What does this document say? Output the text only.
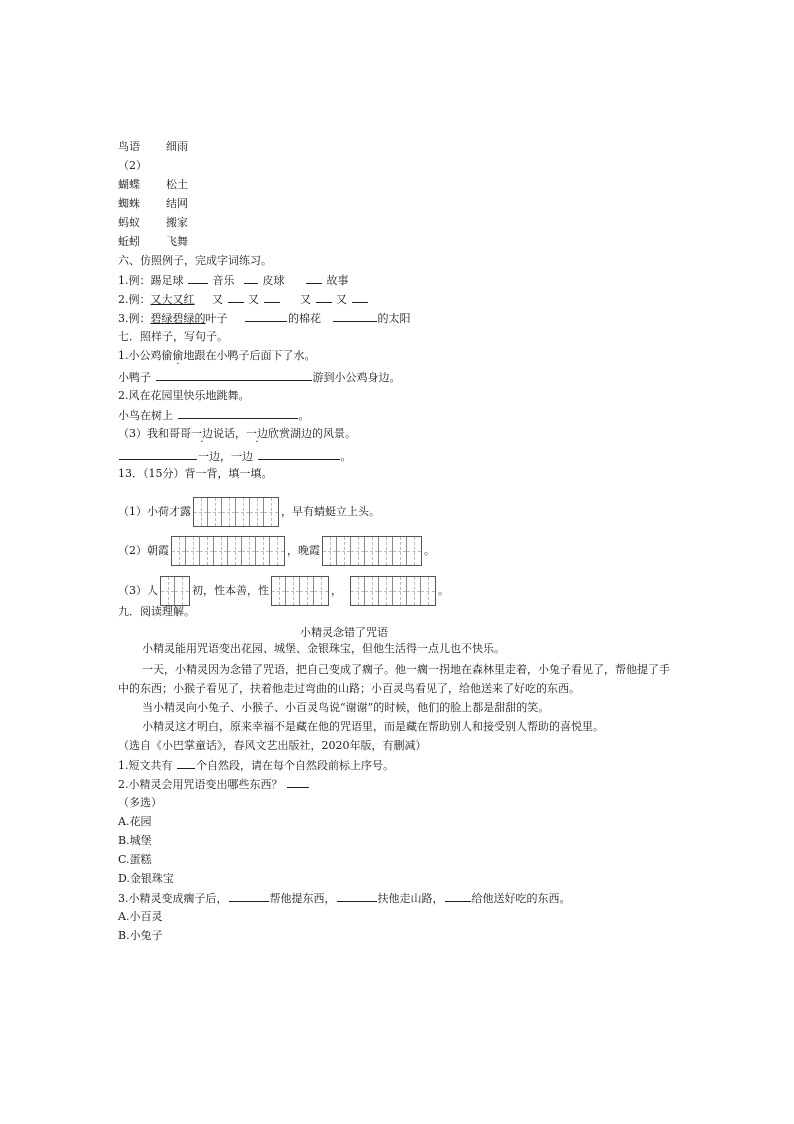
鸟语 细雨
（2）
蝴蝶 松土
蜘蛛 结网
蚂蚁 搬家
蚯蚓 飞舞
六、仿照例子，完成字词练习。
1.例：踢足球	音乐	皮球	故事
2.例：又大又红 又 又	又 又
3.例：碧绿碧绿的叶子	的棉花	的太阳
七．照样子，写句子。
1.小公鸡偷偷地跟在小鸭子后面下了水。
小鸭子	游到小公鸡身边。
2.风在花园里快乐地跳舞。
小鸟在树上	。
（3）我和哥哥一边说话，一边欣赏湖边的风景。
一边，一边	。
13．（15分）背一背，填一填。
（1）小荷才露	，早有蜻蜓立上头。
（2）朝霞	，晚霞	。
（3）人	初，性本善，性	，	。
九．阅读理解。
小精灵念错了咒语
小精灵能用咒语变出花园、城堡、金银珠宝，但他生活得一点儿也不快乐。
一天，小精灵因为念错了咒语，把自己变成了瘸子。他一瘸一拐地在森林里走着，小兔子看见了，帮他提了手中的东西；小猴子看见了，扶着他走过弯曲的山路；小百灵鸟看见了，给他送来了好吃的东西。
当小精灵向小兔子、小猴子、小百灵鸟说“谢谢”的时候，他们的脸上都是甜甜的笑。
小精灵这才明白，原来幸福不是藏在他的咒语里，而是藏在帮助别人和接受别人帮助的喜悦里。
（选自《小巴掌童话》，春风文艺出版社，2020年版，有删减）
1.短文共有 个自然段，请在每个自然段前标上序号。
2.小精灵会用咒语变出哪些东西？
（多选）
A.花园
B.城堡
C.蛋糕
D.金银珠宝
3.小精灵变成瘸子后，	帮他提东西，	扶他走山路，	给他送好吃的东西。
A.小百灵
B.小兔子
